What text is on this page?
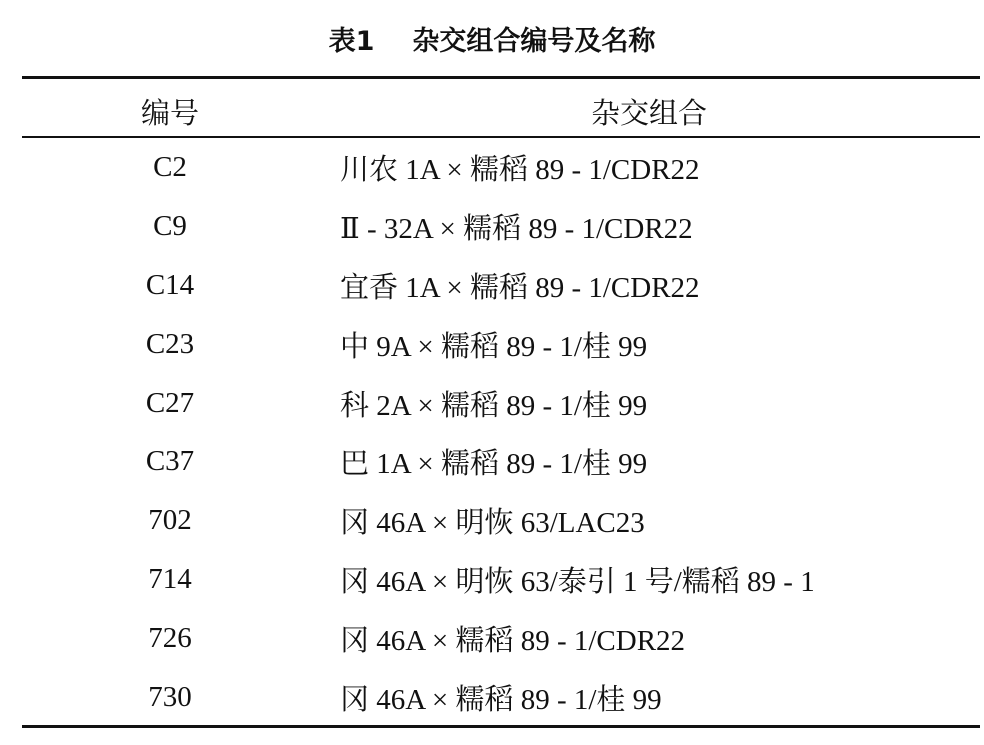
表1 杂交组合编号及名称
编号	杂交组合
C2	川农 1A × 糯稻 89 - 1/CDR22
C9	Ⅱ - 32A × 糯稻 89 - 1/CDR22
C14	宜香 1A × 糯稻 89 - 1/CDR22
C23	中 9A × 糯稻 89 - 1/桂 99
C27	科 2A × 糯稻 89 - 1/桂 99
C37	巴 1A × 糯稻 89 - 1/桂 99
702	冈 46A × 明恢 63/LAC23
714	冈 46A × 明恢 63/泰引 1 号/糯稻 89 - 1
726	冈 46A × 糯稻 89 - 1/CDR22
730	冈 46A × 糯稻 89 - 1/桂 99
